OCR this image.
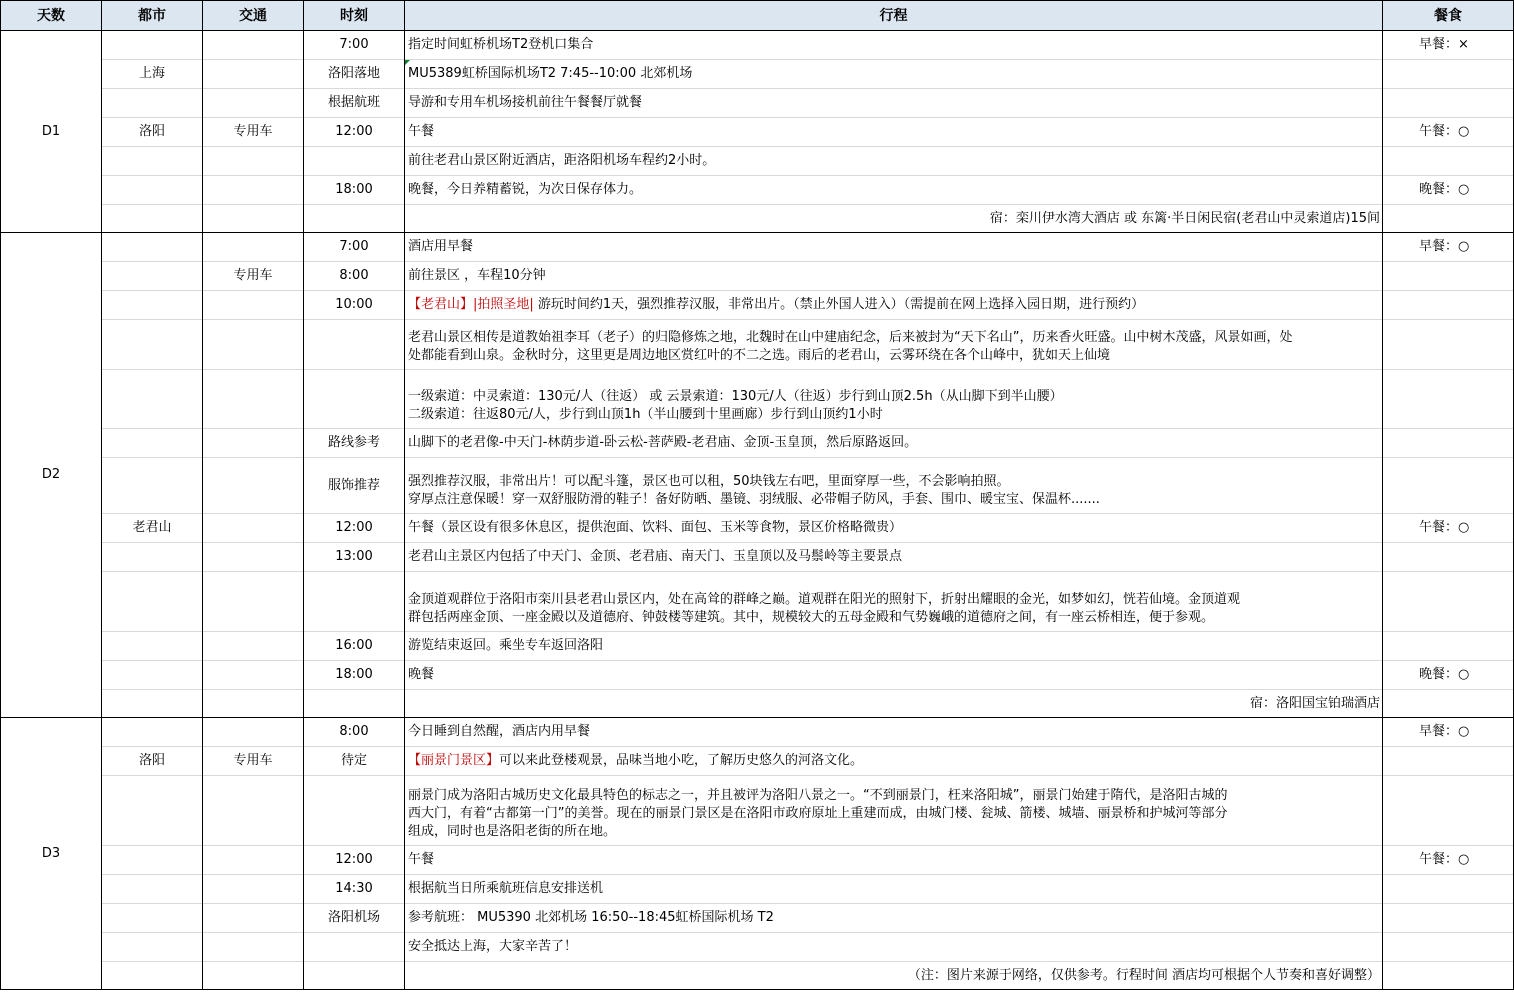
天数	都市	交通	时刻	行程	餐食
D1			7:00	指定时间虹桥机场T2登机口集合	早餐：×
	上海		洛阳落地	MU5389虹桥国际机场T2 7:45--10:00 北郊机场	
			根据航班	导游和专用车机场接机前往午餐餐厅就餐	
	洛阳	专用车	12:00	午餐	午餐：○
				前往老君山景区附近酒店，距洛阳机场车程约2小时。	
			18:00	晚餐，今日养精蓄锐，为次日保存体力。	晚餐：○
				宿：栾川伊水湾大酒店 或 东篱·半日闲民宿(老君山中灵索道店)15间	
D2			7:00	酒店用早餐	早餐：○
		专用车	8:00	前往景区 ，车程10分钟	
			10:00	【老君山】|拍照圣地| 游玩时间约1天，强烈推荐汉服，非常出片。（禁止外国人进入）（需提前在网上选择入园日期，进行预约）	

				老君山景区相传是道教始祖李耳（老子）的归隐修炼之地，北魏时在山中建庙纪念，后来被封为“天下名山”，历来香火旺盛。山中树木茂盛，风景如画，处
处都能看到山泉。金秋时分，这里更是周边地区赏红叶的不二之选。雨后的老君山，云雾环绕在各个山峰中，犹如天上仙境	

				一级索道：中灵索道：130元/人（往返） 或 云景索道：130元/人（往返）步行到山顶2.5h（从山脚下到半山腰）
二级索道：往返80元/人，步行到山顶1h（半山腰到十里画廊）步行到山顶约1小时	

			路线参考	山脚下的老君像-中天门-林荫步道-卧云松-菩萨殿-老君庙、金顶-玉皇顶，然后原路返回。	
			服饰推荐	强烈推荐汉服，非常出片！可以配斗篷，景区也可以租，50块钱左右吧，里面穿厚一些，不会影响拍照。
穿厚点注意保暖！穿一双舒服防滑的鞋子！备好防晒、墨镜、羽绒服、必带帽子防风，手套、围巾、暖宝宝、保温杯.......	

	老君山		12:00	午餐（景区设有很多休息区，提供泡面、饮料、面包、玉米等食物，景区价格略微贵）	午餐：○
			13:00	老君山主景区内包括了中天门、金顶、老君庙、南天门、玉皇顶以及马鬃岭等主要景点	

				金顶道观群位于洛阳市栾川县老君山景区内，处在高耸的群峰之巅。道观群在阳光的照射下，折射出耀眼的金光，如梦如幻，恍若仙境。金顶道观
群包括两座金顶、一座金殿以及道德府、钟鼓楼等建筑。其中，规模较大的五母金殿和气势巍峨的道德府之间，有一座云桥相连，便于参观。	

			16:00	游览结束返回。乘坐专车返回洛阳	
			18:00	晚餐	晚餐：○
				宿：洛阳国宝铂瑞酒店	
D3			8:00	今日睡到自然醒，酒店内用早餐	早餐：○
	洛阳	专用车	待定	【丽景门景区】可以来此登楼观景，品味当地小吃，了解历史悠久的河洛文化。	

				丽景门成为洛阳古城历史文化最具特色的标志之一，并且被评为洛阳八景之一。“不到丽景门，枉来洛阳城”，丽景门始建于隋代，是洛阳古城的
西大门，有着“古都第一门”的美誉。现在的丽景门景区是在洛阳市政府原址上重建而成，由城门楼、瓮城、箭楼、城墙、丽景桥和护城河等部分
组成，同时也是洛阳老街的所在地。	

			12:00	午餐	午餐：○
			14:30	根据航当日所乘航班信息安排送机	
			洛阳机场	参考航班： MU5390 北郊机场 16:50--18:45虹桥国际机场 T2	
				安全抵达上海，大家辛苦了！	
				（注：图片来源于网络，仅供参考。行程时间 酒店均可根据个人节奏和喜好调整）	
